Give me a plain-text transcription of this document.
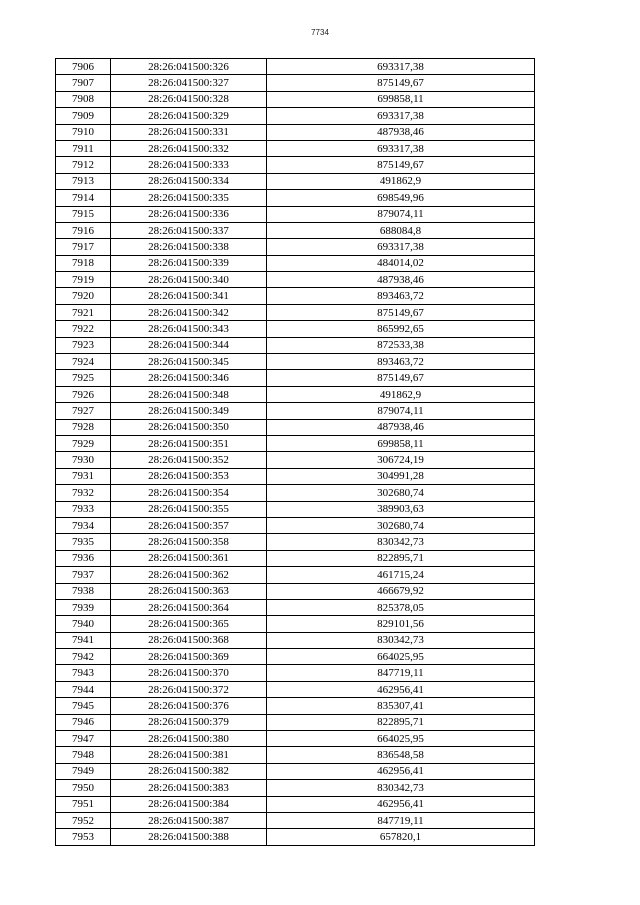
7734
7906	28:26:041500:326	693317,38
7907	28:26:041500:327	875149,67
7908	28:26:041500:328	699858,11
7909	28:26:041500:329	693317,38
7910	28:26:041500:331	487938,46
7911	28:26:041500:332	693317,38
7912	28:26:041500:333	875149,67
7913	28:26:041500:334	491862,9
7914	28:26:041500:335	698549,96
7915	28:26:041500:336	879074,11
7916	28:26:041500:337	688084,8
7917	28:26:041500:338	693317,38
7918	28:26:041500:339	484014,02
7919	28:26:041500:340	487938,46
7920	28:26:041500:341	893463,72
7921	28:26:041500:342	875149,67
7922	28:26:041500:343	865992,65
7923	28:26:041500:344	872533,38
7924	28:26:041500:345	893463,72
7925	28:26:041500:346	875149,67
7926	28:26:041500:348	491862,9
7927	28:26:041500:349	879074,11
7928	28:26:041500:350	487938,46
7929	28:26:041500:351	699858,11
7930	28:26:041500:352	306724,19
7931	28:26:041500:353	304991,28
7932	28:26:041500:354	302680,74
7933	28:26:041500:355	389903,63
7934	28:26:041500:357	302680,74
7935	28:26:041500:358	830342,73
7936	28:26:041500:361	822895,71
7937	28:26:041500:362	461715,24
7938	28:26:041500:363	466679,92
7939	28:26:041500:364	825378,05
7940	28:26:041500:365	829101,56
7941	28:26:041500:368	830342,73
7942	28:26:041500:369	664025,95
7943	28:26:041500:370	847719,11
7944	28:26:041500:372	462956,41
7945	28:26:041500:376	835307,41
7946	28:26:041500:379	822895,71
7947	28:26:041500:380	664025,95
7948	28:26:041500:381	836548,58
7949	28:26:041500:382	462956,41
7950	28:26:041500:383	830342,73
7951	28:26:041500:384	462956,41
7952	28:26:041500:387	847719,11
7953	28:26:041500:388	657820,1
